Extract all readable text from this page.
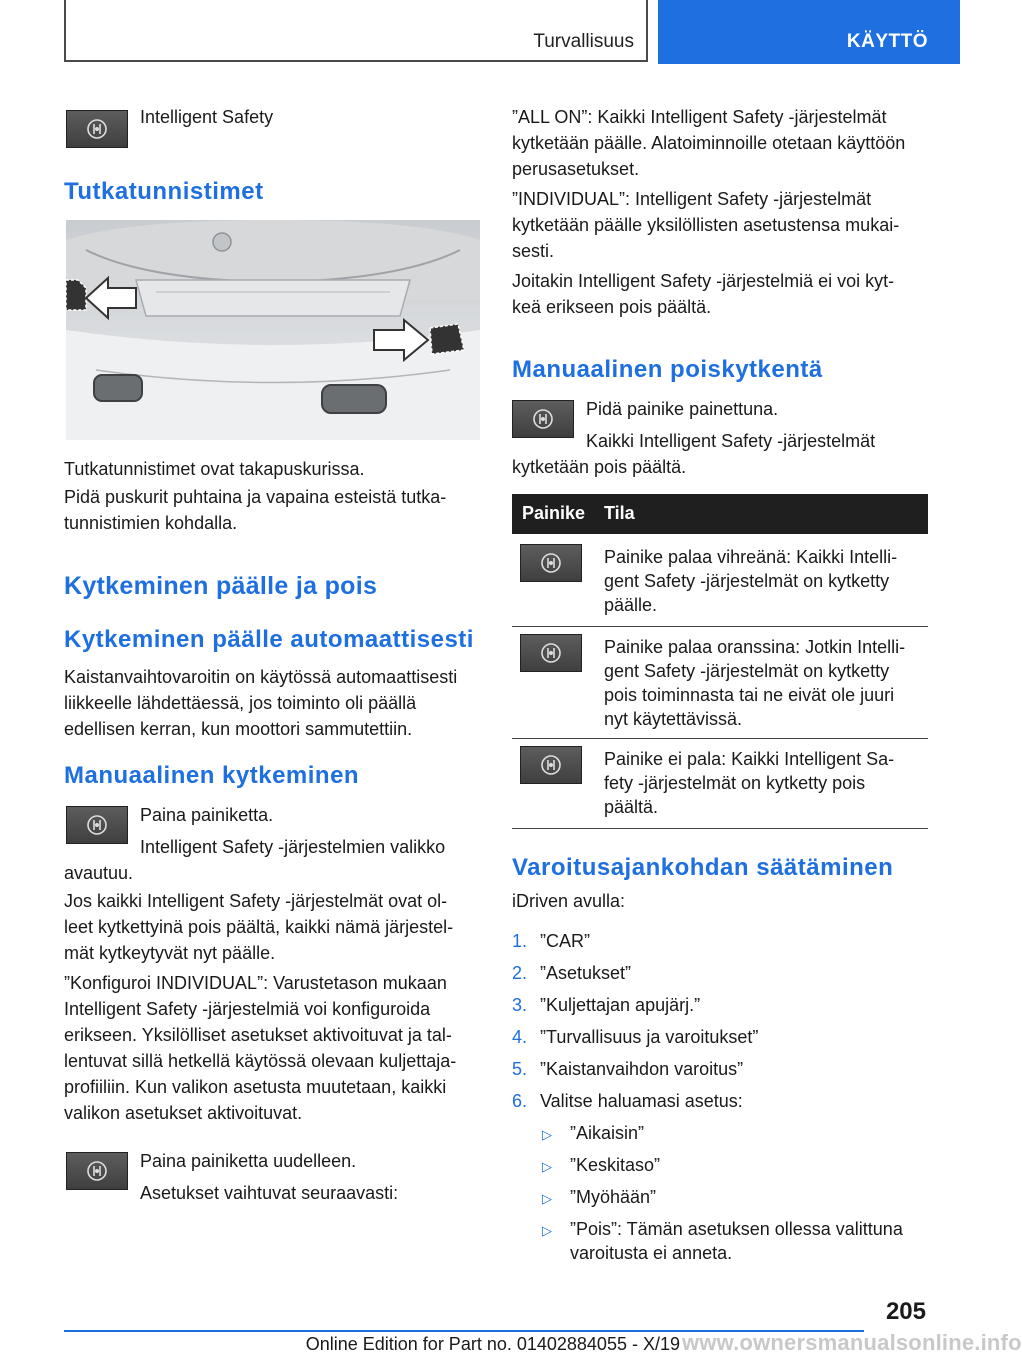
Turvallisuus	KÄYTTÖ
Intelligent Safety
Tutkatunnistimet
Tutkatunnistimet ovat takapuskurissa.
Pidä puskurit puhtaina ja vapaina esteistä tutka-
tunnistimien kohdalla.
Kytkeminen päälle ja pois
Kytkeminen päälle automaattisesti
Kaistanvaihtovaroitin on käytössä automaattisesti
liikkeelle lähdettäessä, jos toiminto oli päällä
edellisen kerran, kun moottori sammutettiin.
Manuaalinen kytkeminen
Paina painiketta.
Intelligent Safety -järjestelmien valikko
avautuu.
Jos kaikki Intelligent Safety -järjestelmät ovat ol-
leet kytkettyinä pois päältä, kaikki nämä järjestel-
mät kytkeytyvät nyt päälle.
”Konfiguroi INDIVIDUAL”: Varustetason mukaan
Intelligent Safety -järjestelmiä voi konfiguroida
erikseen. Yksilölliset asetukset aktivoituvat ja tal-
lentuvat sillä hetkellä käytössä olevaan kuljettaja-
profiiliin. Kun valikon asetusta muutetaan, kaikki
valikon asetukset aktivoituvat.
Paina painiketta uudelleen.
Asetukset vaihtuvat seuraavasti:
”ALL ON”: Kaikki Intelligent Safety -järjestelmät
kytketään päälle. Alatoiminnoille otetaan käyttöön
perusasetukset.
”INDIVIDUAL”: Intelligent Safety -järjestelmät
kytketään päälle yksilöllisten asetustensa mukai-
sesti.
Joitakin Intelligent Safety -järjestelmiä ei voi kyt-
keä erikseen pois päältä.
Manuaalinen poiskytkentä
Pidä painike painettuna.
Kaikki Intelligent Safety -järjestelmät
kytketään pois päältä.
Painike Tila
Painike palaa vihreänä: Kaikki Intelli-
gent Safety -järjestelmät on kytketty
päälle.
Painike palaa oranssina: Jotkin Intelli-
gent Safety -järjestelmät on kytketty
pois toiminnasta tai ne eivät ole juuri
nyt käytettävissä.
Painike ei pala: Kaikki Intelligent Sa-
fety -järjestelmät on kytketty pois
päältä.
Varoitusajankohdan säätäminen
iDriven avulla:
1. ”CAR”
2. ”Asetukset”
3. ”Kuljettajan apujärj.”
4. ”Turvallisuus ja varoitukset”
5. ”Kaistanvaihdon varoitus”
6. Valitse haluamasi asetus:
▷ ”Aikaisin”
▷ ”Keskitaso”
▷ ”Myöhään”
▷ ”Pois”: Tämän asetuksen ollessa valittuna
varoitusta ei anneta.
205
Online Edition for Part no. 01402884055 - X/19 www.ownersmanualsonline.info
